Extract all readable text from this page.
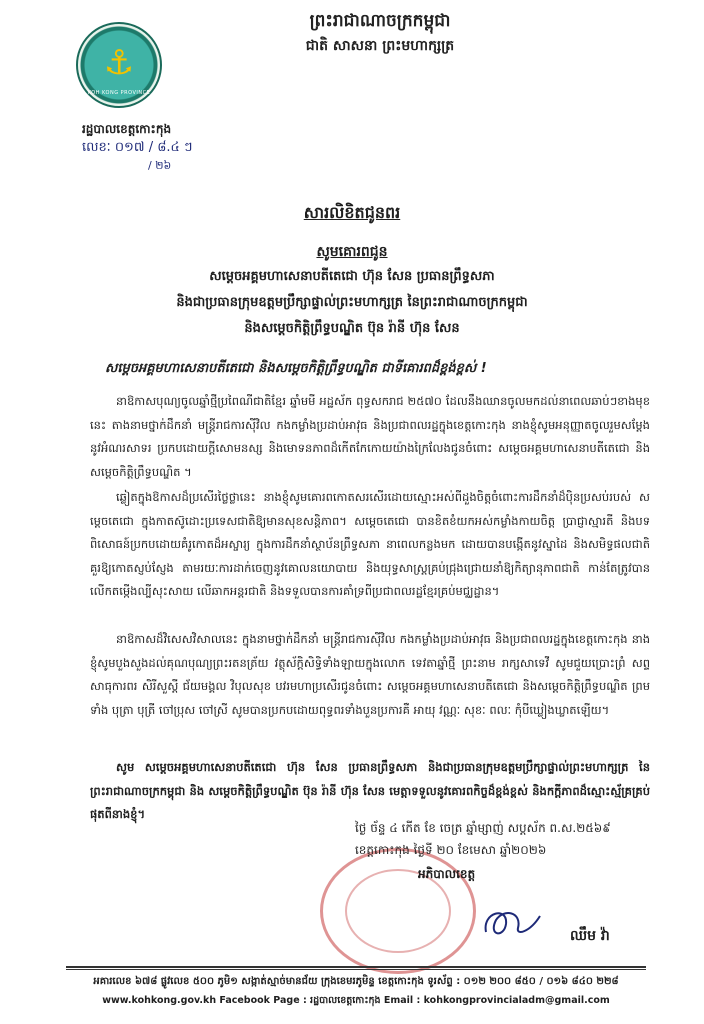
⚓
KOH KONG PROVINCE
ព្រះរាជាណាចក្រកម្ពុជា
ជាតិ សាសនា ព្រះមហាក្សត្រ
រដ្ឋបាលខេត្តកោះកុង
លេខៈ ០១៧ / ៨.៤ ៗ
/ ២៦
សារលិខិតជូនពរ
សូមគោរពជូន
សម្តេចអគ្គមហាសេនាបតីតេជោ ហ៊ុន សែន ប្រធានព្រឹទ្ធសភា
និងជាប្រធានក្រុមឧត្តមប្រឹក្សាផ្ទាល់ព្រះមហាក្សត្រ នៃព្រះរាជាណាចក្រកម្ពុជា
និងសម្តេចកិត្តិព្រឹទ្ធបណ្ឌិត ប៊ុន រ៉ានី ហ៊ុន សែន
សម្តេចអគ្គមហាសេនាបតីតេជោ និងសម្តេចកិត្តិព្រឹទ្ធបណ្ឌិត ជាទីគោរពដ៏ខ្ពង់ខ្ពស់ !
នាឱកាសបុណ្យចូលឆ្នាំថ្មីប្រពៃណីជាតិខ្មែរ ឆ្នាំមមី អដ្ឋស័ក ពុទ្ធសករាជ ២៥៧០ ដែលនឹងឈានចូលមកដល់នាពេលឆាប់ៗខាងមុខនេះ តាងនាមថ្នាក់ដឹកនាំ មន្ត្រីរាជការស៊ីវិល កងកម្លាំងប្រដាប់អាវុធ និងប្រជាពលរដ្ឋក្នុងខេត្តកោះកុង នាងខ្ញុំសូមអនុញ្ញាតចូលរួមសម្តែងនូវអំណរសាទរ ប្រកបដោយក្តីសោមនស្ស និងមោទនភាពដ៏កើតកែកោយយ៉ាងក្រៃលែងជូនចំពោះ សម្តេចអគ្គមហាសេនាបតីតេជោ និង សម្តេចកិត្តិព្រឹទ្ធបណ្ឌិត ។
ឆ្លៀតក្នុងឱកាសដ៏ប្រសើរថ្លៃថ្លានេះ នាងខ្ញុំសូមគោរពកោតសរសើរដោយស្មោះអស់ពីដួងចិត្តចំពោះការដឹកនាំដ៏ប៉ិនប្រសប់របស់ សម្តេចតេជោ ក្នុងកាតស៊ូដោះប្រទេសជាតិឱ្យមានសុខសន្តិភាព។ សម្តេចតេជោ បានខិតខំយកអស់កម្លាំងកាយចិត្ត ប្រាជ្ញាស្មារតី និងបទពិសោធន៍ប្រកបដោយគំរូកោតដ៏អស្ចារ្យ ក្នុងការដឹកនាំស្ថាប័នព្រឹទ្ធសភា នាពេលកន្លងមក ដោយបានបង្កើតនូវស្នាដៃ និងសមិទ្ធផលជាតិគួរឱ្យកោតស្ញប់ស្ញែង តាមរយៈការដាក់ចេញនូវគោលនយោបាយ និងយុទ្ធសាស្ត្រគ្រប់ជ្រុងជ្រោយនាំឱ្យកិត្យានុភាពជាតិ កាន់តែត្រូវបានលើកតម្កើងល្បីសុះសាយ លើឆាកអន្តរជាតិ និងទទួលបានការគាំទ្រពីប្រជាពលរដ្ឋខ្មែរគ្រប់មជ្ឈដ្ឋាន។
នាឱកាសដ៏វិសេសវិសាលនេះ ក្នុងនាមថ្នាក់ដឹកនាំ មន្ត្រីរាជការស៊ីវិល កងកម្លាំងប្រដាប់អាវុធ និងប្រជាពលរដ្ឋក្នុងខេត្តកោះកុង នាងខ្ញុំសូមបួងសួងដល់គុណបុណ្យព្រះរតនត្រ័យ វត្ថុស័ក្តិសិទ្ធិទាំងឡាយក្នុងលោក ទេវតាឆ្នាំថ្មី ព្រះនាម រាក្សសាទេវី សូមជួយប្រោះព្រំ សព្ទសាធុការពរ សិរីសួស្តី ជ័យមង្គល វិបុលសុខ បវរមហាប្រសើរជូនចំពោះ សម្តេចអគ្គមហាសេនាបតីតេជោ និងសម្តេចកិត្តិព្រឹទ្ធបណ្ឌិត ព្រមទាំង បុត្រា បុត្រី ចៅប្រុស ចៅស្រី សូមបានប្រកបដោយពុទ្ធពរទាំងបួនប្រការគឺ អាយុ វណ្ណៈ សុខៈ ពលៈ កុំបីឃ្លៀងឃ្លាតឡើយ។
សូម សម្តេចអគ្គមហាសេនាបតីតេជោ ហ៊ុន សែន ប្រធានព្រឹទ្ធសភា និងជាប្រធានក្រុមឧត្តមប្រឹក្សាផ្ទាល់ព្រះមហាក្សត្រ នៃព្រះរាជាណាចក្រកម្ពុជា និង សម្តេចកិត្តិព្រឹទ្ធបណ្ឌិត ប៊ុន រ៉ានី ហ៊ុន សែន មេត្តាទទួលនូវគោរពកិច្ចដ៏ខ្ពង់ខ្ពស់ និងកក្តីភាពដ៏ស្មោះស្ម័គ្រគ្រប់ផុតពីនាងខ្ញុំ។
ថ្ងៃ ច័ន្ទ ៤ កើត ខែ ចេត្រ ឆ្នាំម្សាញ់ សប្តស័ក ព.ស.២៥៦៩
ខេត្តកោះកុង ថ្ងៃទី ២០ ខែមេសា ឆ្នាំ២០២៦
អភិបាលខេត្ត
ឈឹម វ៉ា
អគារលេខ ៦៧៨ ផ្លូវលេខ ៥០០ ភូមិ១ សង្កាត់ស្មាច់មានជ័យ ក្រុងខេមរភូមិន្ទ ខេត្តកោះកុង ទូរស័ព្ទ : ០១២ ២០០ ៨៥០ / ០១៦ ៨៤០ ២២៨
www.kohkong.gov.kh Facebook Page : រដ្ឋបាលខេត្តកោះកុង Email : kohkongprovincialadm@gmail.com
